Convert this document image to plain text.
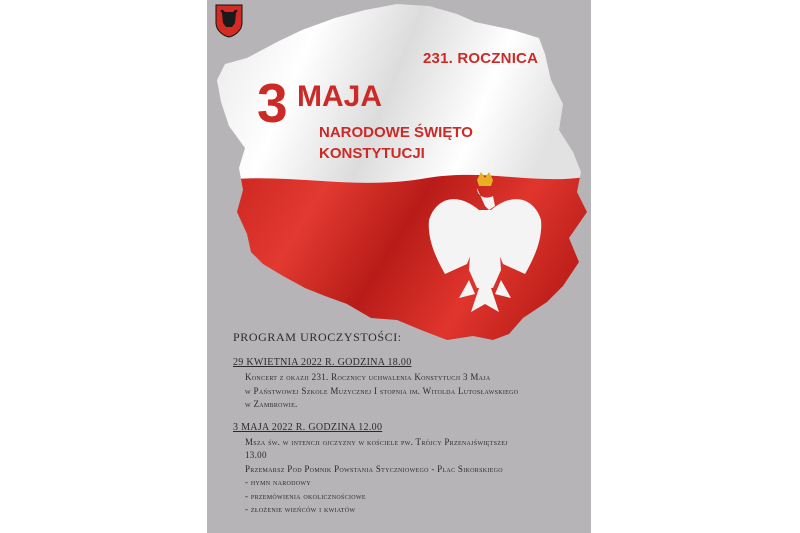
231. ROCZNICA
3 MAJA
NARODOWE ŚWIĘTO
KONSTYTUCJI
PROGRAM UROCZYSTOŚCI:
29 KWIETNIA 2022 R. GODZINA 18.00
Koncert z okazji 231. Rocznicy uchwalenia Konstytucji 3 Maja
w Państwowej Szkole Muzycznej I stopnia im. Witolda Lutosławskiego
w Zambrowie.
3 MAJA 2022 R. GODZINA 12.00
Msza św. w intencji ojczyzny w kościele pw. Trójcy Przenajświętszej
13.00
Przemarsz Pod Pomnik Powstania Styczniowego - Plac Sikorskiego
- hymn narodowy
- przemówienia okolicznościowe
- złożenie wieńców i kwiatów
